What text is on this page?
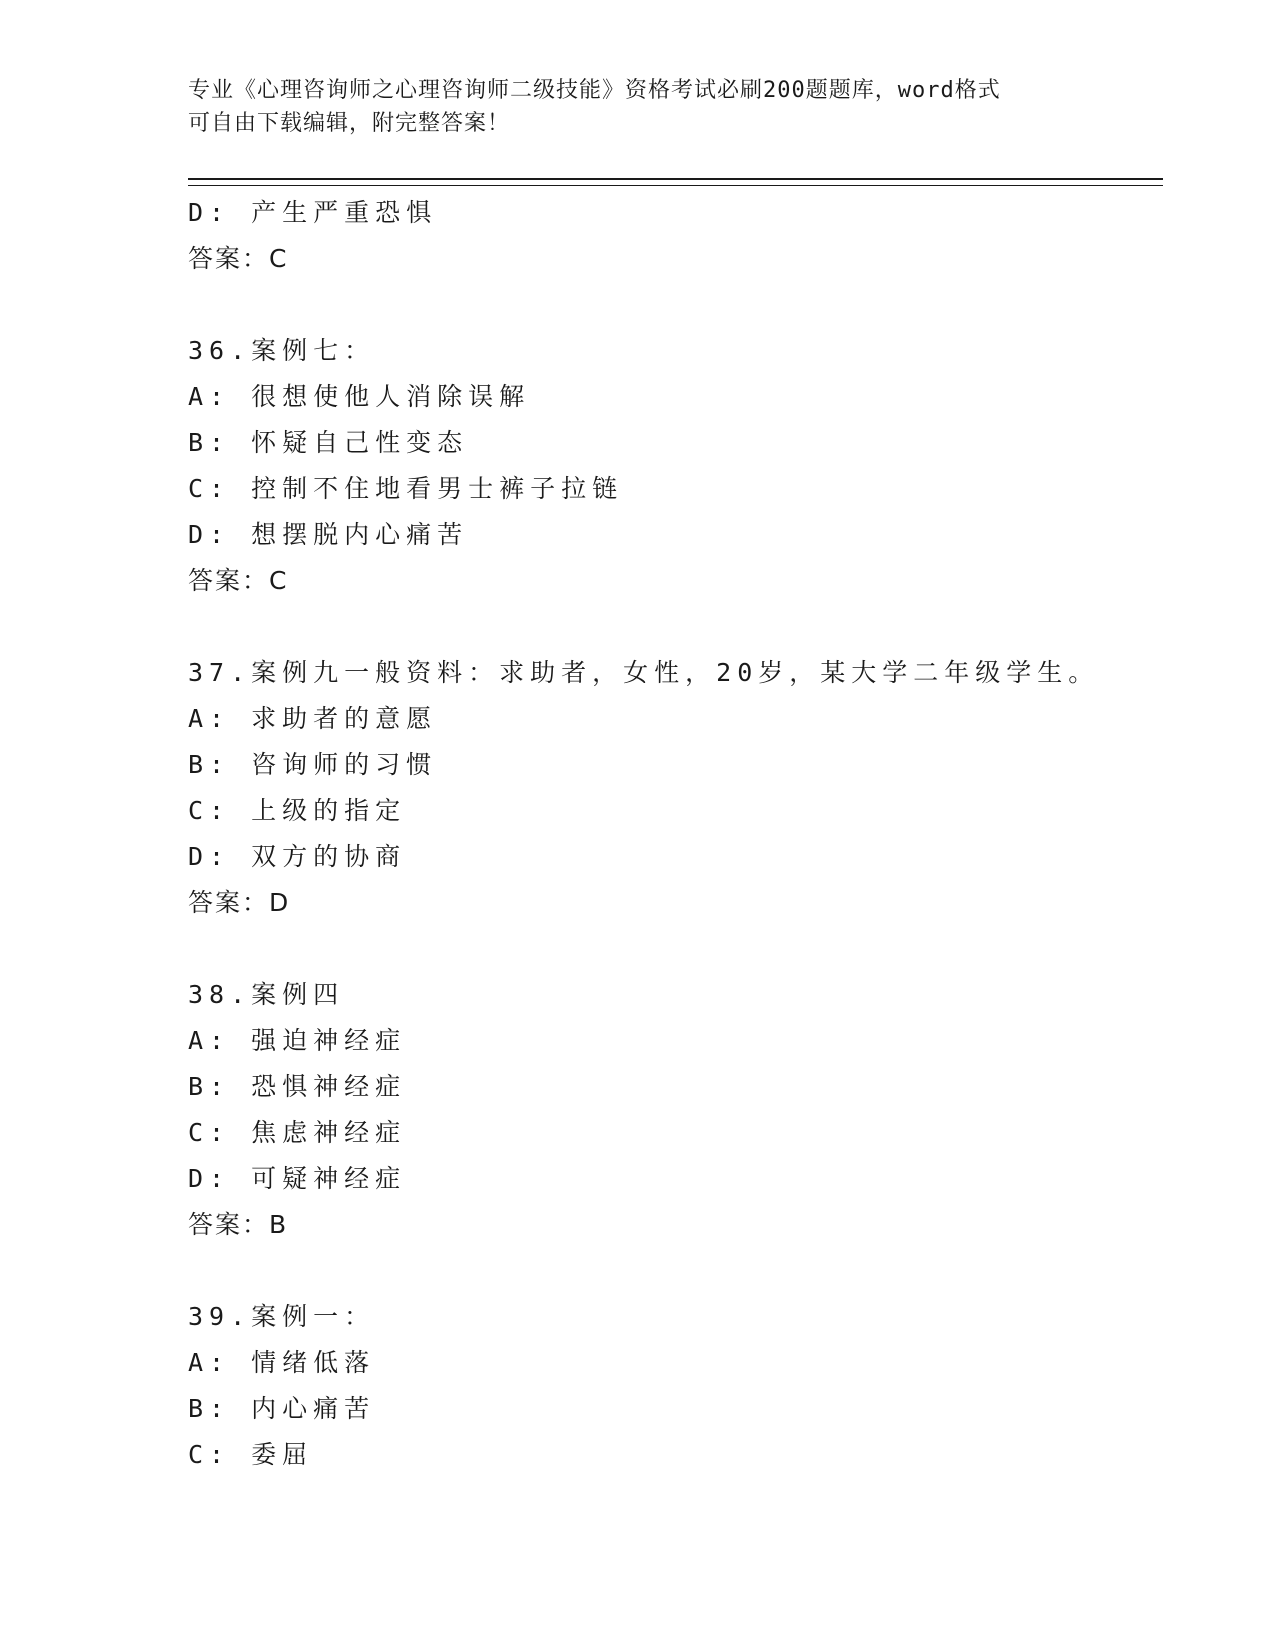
专业《心理咨询师之心理咨询师二级技能》资格考试必刷200题题库，word格式
可自由下载编辑，附完整答案！
D: 产生严重恐惧
答案：C
36.案例七：
A: 很想使他人消除误解
B: 怀疑自己性变态
C: 控制不住地看男士裤子拉链
D: 想摆脱内心痛苦
答案：C
37.案例九一般资料：求助者，女性，20岁，某大学二年级学生。
A: 求助者的意愿
B: 咨询师的习惯
C: 上级的指定
D: 双方的协商
答案：D
38.案例四
A: 强迫神经症
B: 恐惧神经症
C: 焦虑神经症
D: 可疑神经症
答案：B
39.案例一：
A: 情绪低落
B: 内心痛苦
C: 委屈
